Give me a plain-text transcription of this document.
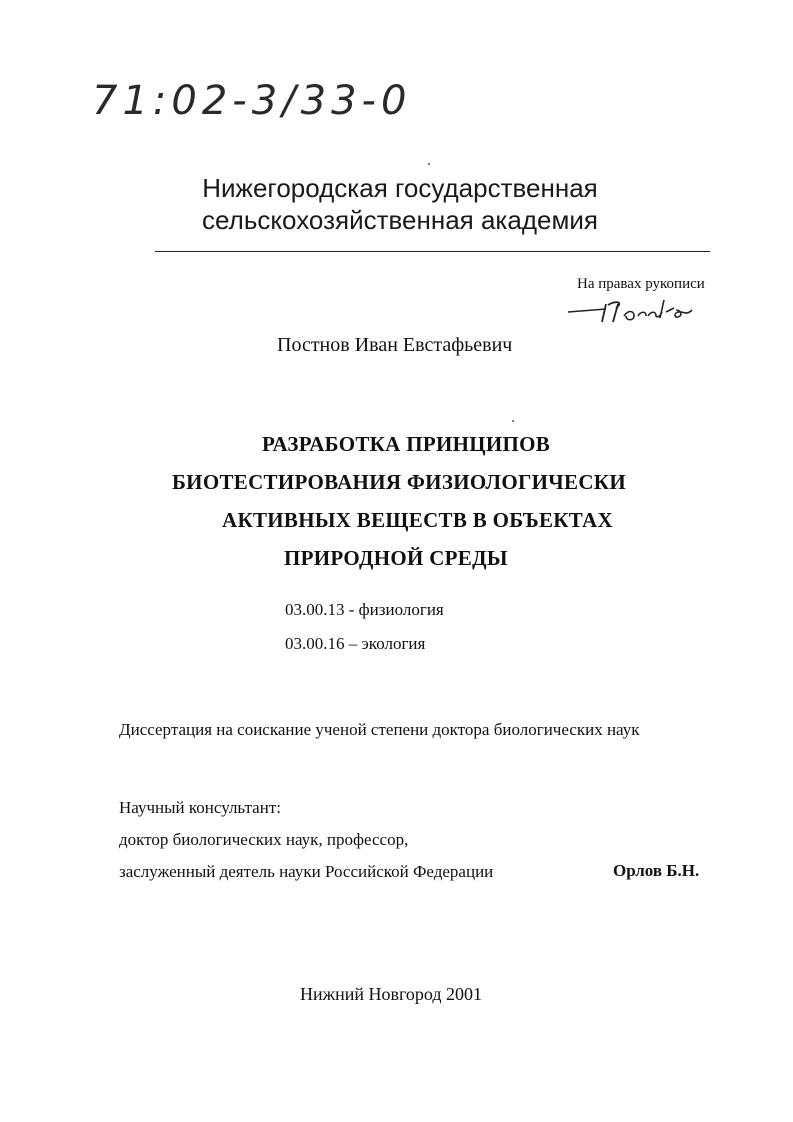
71:02-3/33-0
Нижегородская государственная
сельскохозяйственная академия
На правах рукописи
Постнов Иван Евстафьевич
РАЗРАБОТКА ПРИНЦИПОВ
БИОТЕСТИРОВАНИЯ ФИЗИОЛОГИЧЕСКИ
АКТИВНЫХ ВЕЩЕСТВ В ОБЪЕКТАХ
ПРИРОДНОЙ СРЕДЫ
03.00.13 - физиология
03.00.16 – экология
Диссертация на соискание ученой степени доктора биологических наук
Научный консультант:
доктор биологических наук, профессор,
заслуженный деятель науки Российской Федерации	Орлов Б.Н.
Нижний Новгород 2001
